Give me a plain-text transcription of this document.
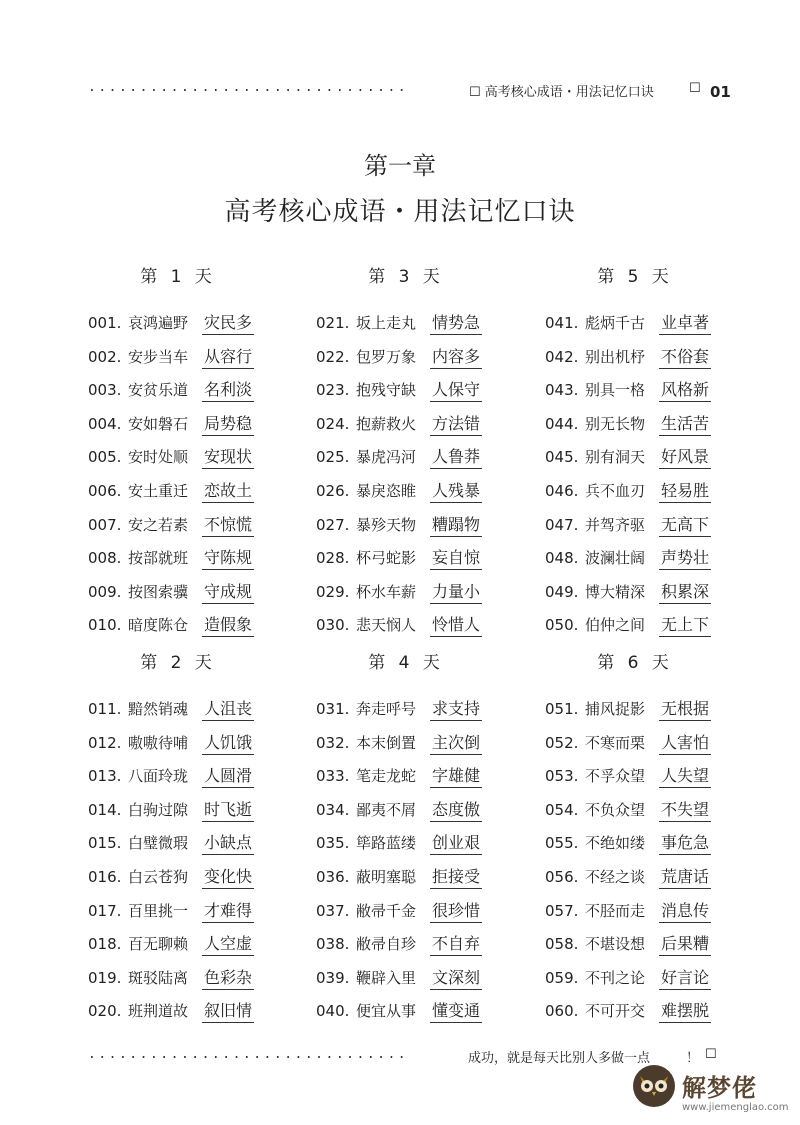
...............................	☐ 高考核心成语・用法记忆口诀	☐ 01
第一章
高考核心成语・用法记忆口诀
第 1 天
001. 哀鸿遍野 灾民多
002. 安步当车 从容行
003. 安贫乐道 名利淡
004. 安如磐石 局势稳
005. 安时处顺 安现状
006. 安土重迁 恋故土
007. 安之若素 不惊慌
008. 按部就班 守陈规
009. 按图索骥 守成规
010. 暗度陈仓 造假象
第 2 天
011. 黯然销魂 人沮丧
012. 嗷嗷待哺 人饥饿
013. 八面玲珑 人圆滑
014. 白驹过隙 时飞逝
015. 白璧微瑕 小缺点
016. 白云苍狗 变化快
017. 百里挑一 才难得
018. 百无聊赖 人空虚
019. 斑驳陆离 色彩杂
020. 班荆道故 叙旧情
第 3 天
021. 坂上走丸 情势急
022. 包罗万象 内容多
023. 抱残守缺 人保守
024. 抱薪救火 方法错
025. 暴虎冯河 人鲁莽
026. 暴戾恣睢 人残暴
027. 暴殄天物 糟蹋物
028. 杯弓蛇影 妄自惊
029. 杯水车薪 力量小
030. 悲天悯人 怜惜人
第 4 天
031. 奔走呼号 求支持
032. 本末倒置 主次倒
033. 笔走龙蛇 字雄健
034. 鄙夷不屑 态度傲
035. 筚路蓝缕 创业艰
036. 蔽明塞聪 拒接受
037. 敝帚千金 很珍惜
038. 敝帚自珍 不自弃
039. 鞭辟入里 文深刻
040. 便宜从事 懂变通
第 5 天
041. 彪炳千古 业卓著
042. 别出机杼 不俗套
043. 别具一格 风格新
044. 别无长物 生活苦
045. 别有洞天 好风景
046. 兵不血刃 轻易胜
047. 并驾齐驱 无高下
048. 波澜壮阔 声势壮
049. 博大精深 积累深
050. 伯仲之间 无上下
第 6 天
051. 捕风捉影 无根据
052. 不寒而栗 人害怕
053. 不孚众望 人失望
054. 不负众望 不失望
055. 不绝如缕 事危急
056. 不经之谈 荒唐话
057. 不胫而走 消息传
058. 不堪设想 后果糟
059. 不刊之论 好言论
060. 不可开交 难摆脱
...............................	成功，就是每天比别人多做一点	！ ☐
解梦佬
www.jiemenglao.com
